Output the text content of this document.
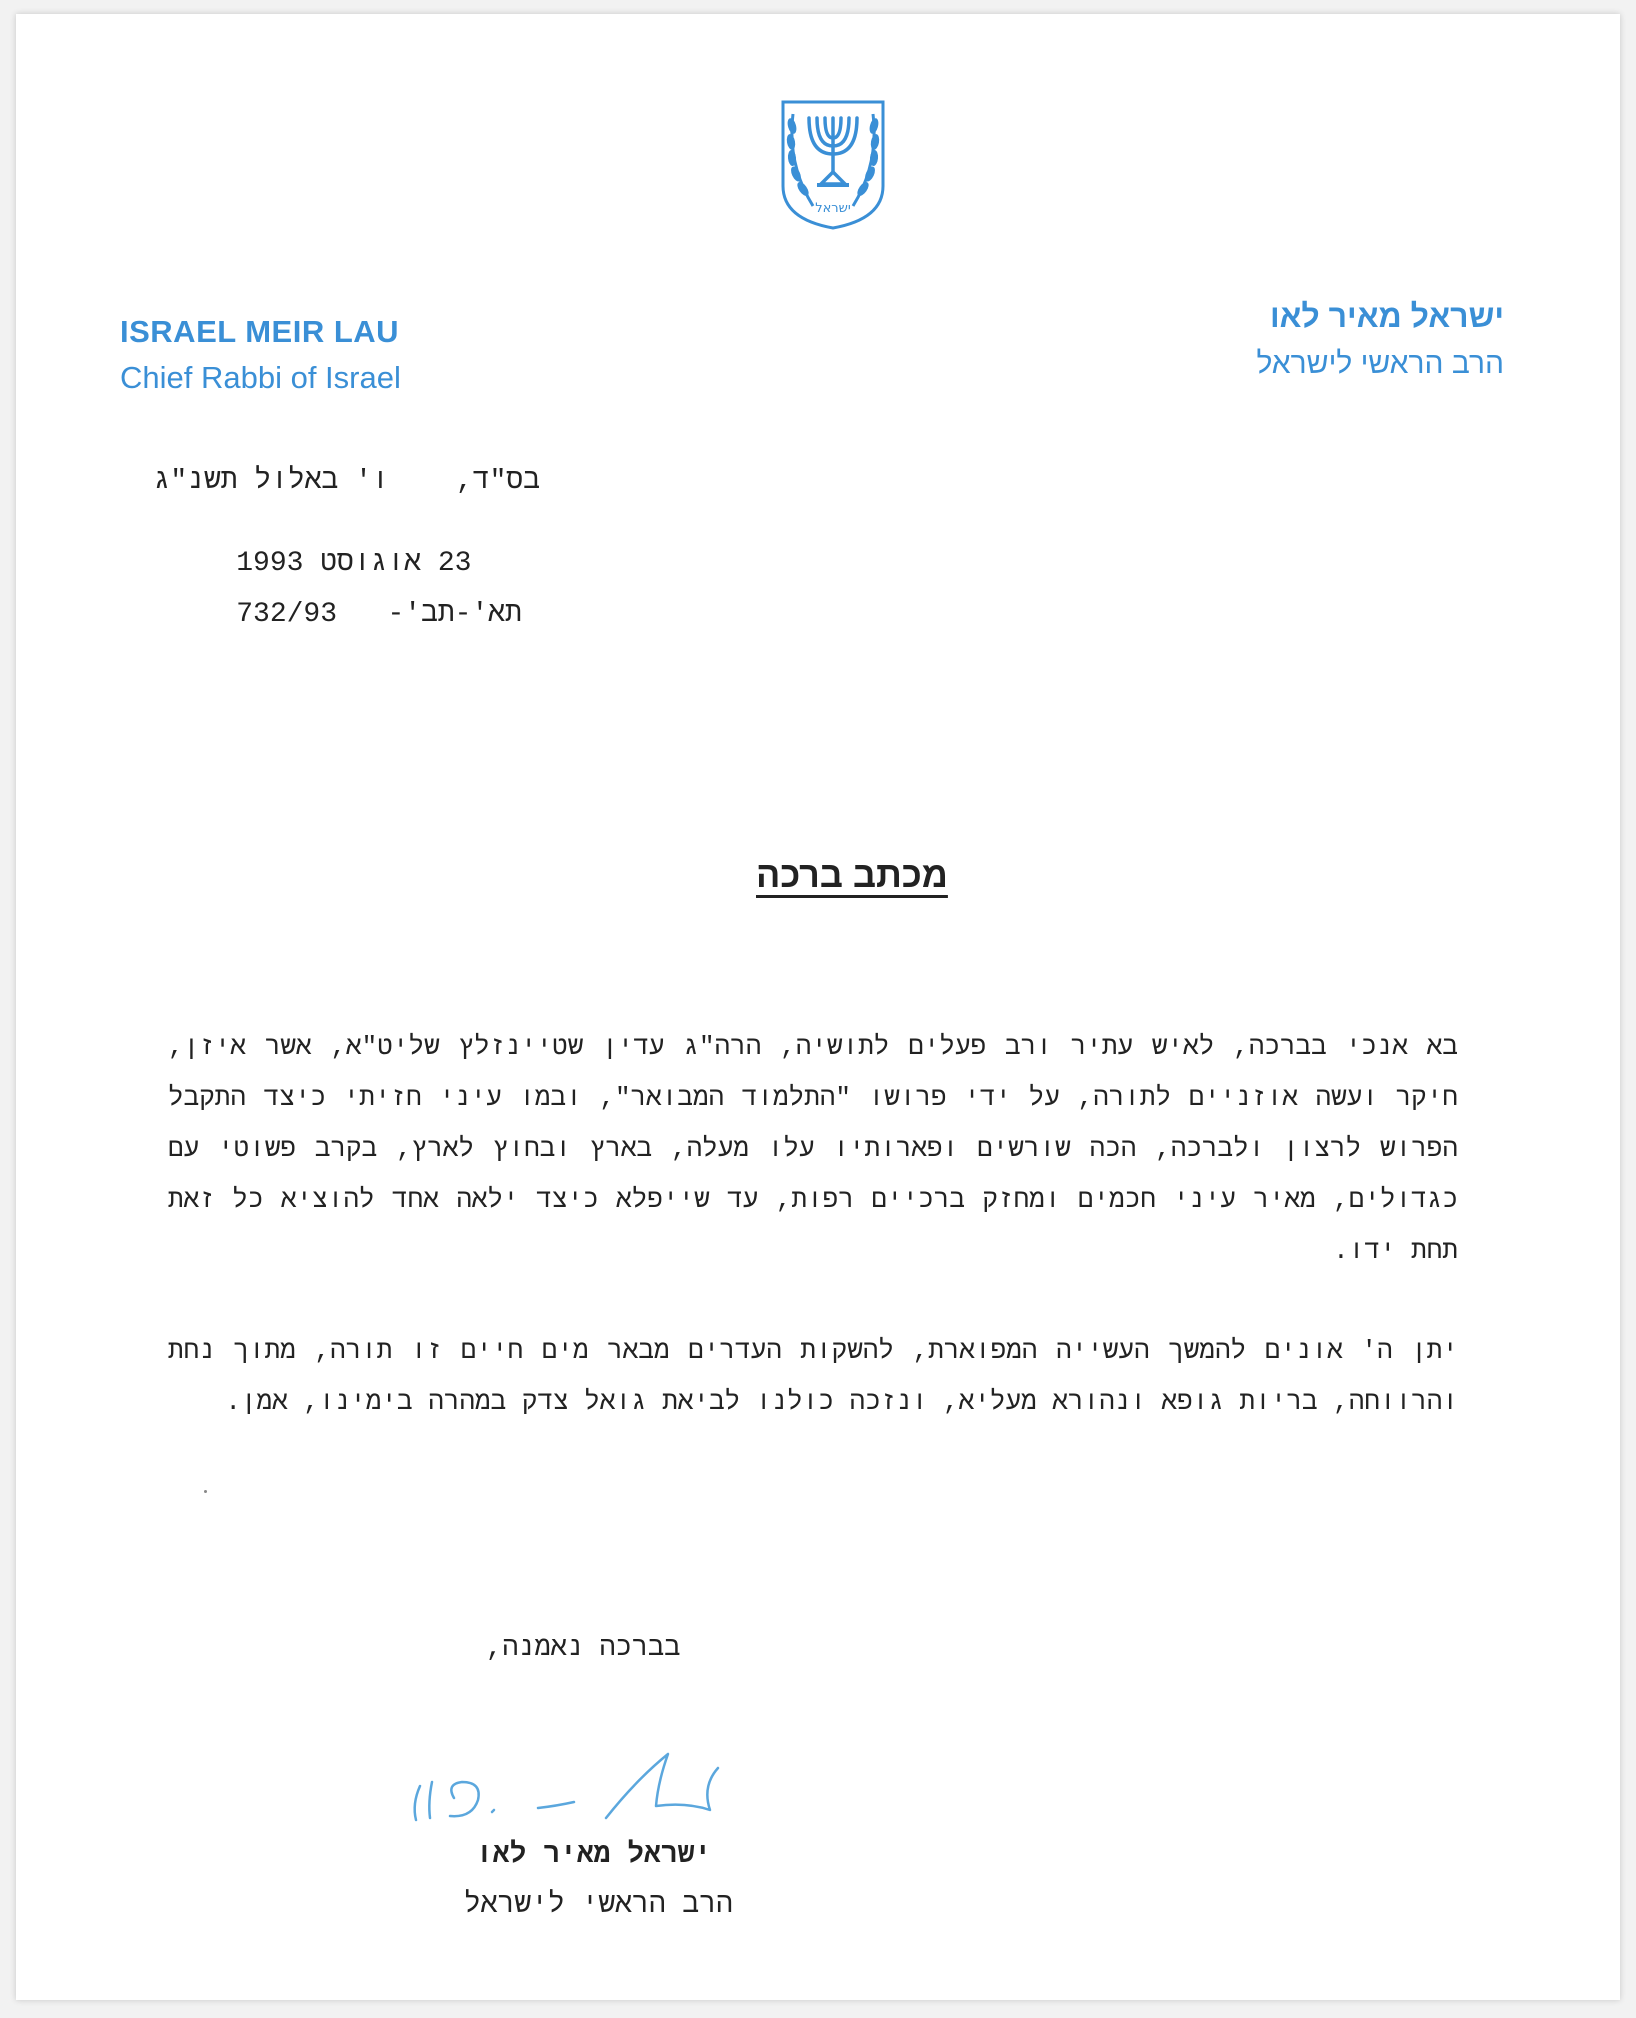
ישראל
ISRAEL MEIR LAU
Chief Rabbi of Israel
ישראל מאיר לאו
הרב הראשי לישראל
בס"ד,    ו' באלול תשנ"ג

23 אוגוסט 1993

732/93 תא'-תב'-

מכתב ברכה
בא אנכי בברכה, לאיש עתיר ורב פעלים לתושיה, הרה"ג עדין שטיינזלץ שליט"א, אשר איזן, חיקר ועשה אוזניים לתורה, על ידי פרושו "התלמוד המבואר", ובמו עיני חזיתי כיצד התקבל הפרוש לרצון ולברכה, הכה שורשים ופארותיו עלו מעלה, בארץ ובחוץ לארץ, בקרב פשוטי עם כגדולים, מאיר עיני חכמים ומחזק ברכיים רפות, עד שייפלא כיצד ילאה אחד להוציא כל זאת תחת ידו.
יתן ה' אונים להמשך העשייה המפוארת, להשקות העדרים מבאר מים חיים זו תורה, מתוך נחת והרווחה, בריות גופא ונהורא מעליא, ונזכה כולנו לביאת גואל צדק במהרה בימינו, אמן.
בברכה נאמנה,
ישראל מאיר לאו
הרב הראשי לישראל
